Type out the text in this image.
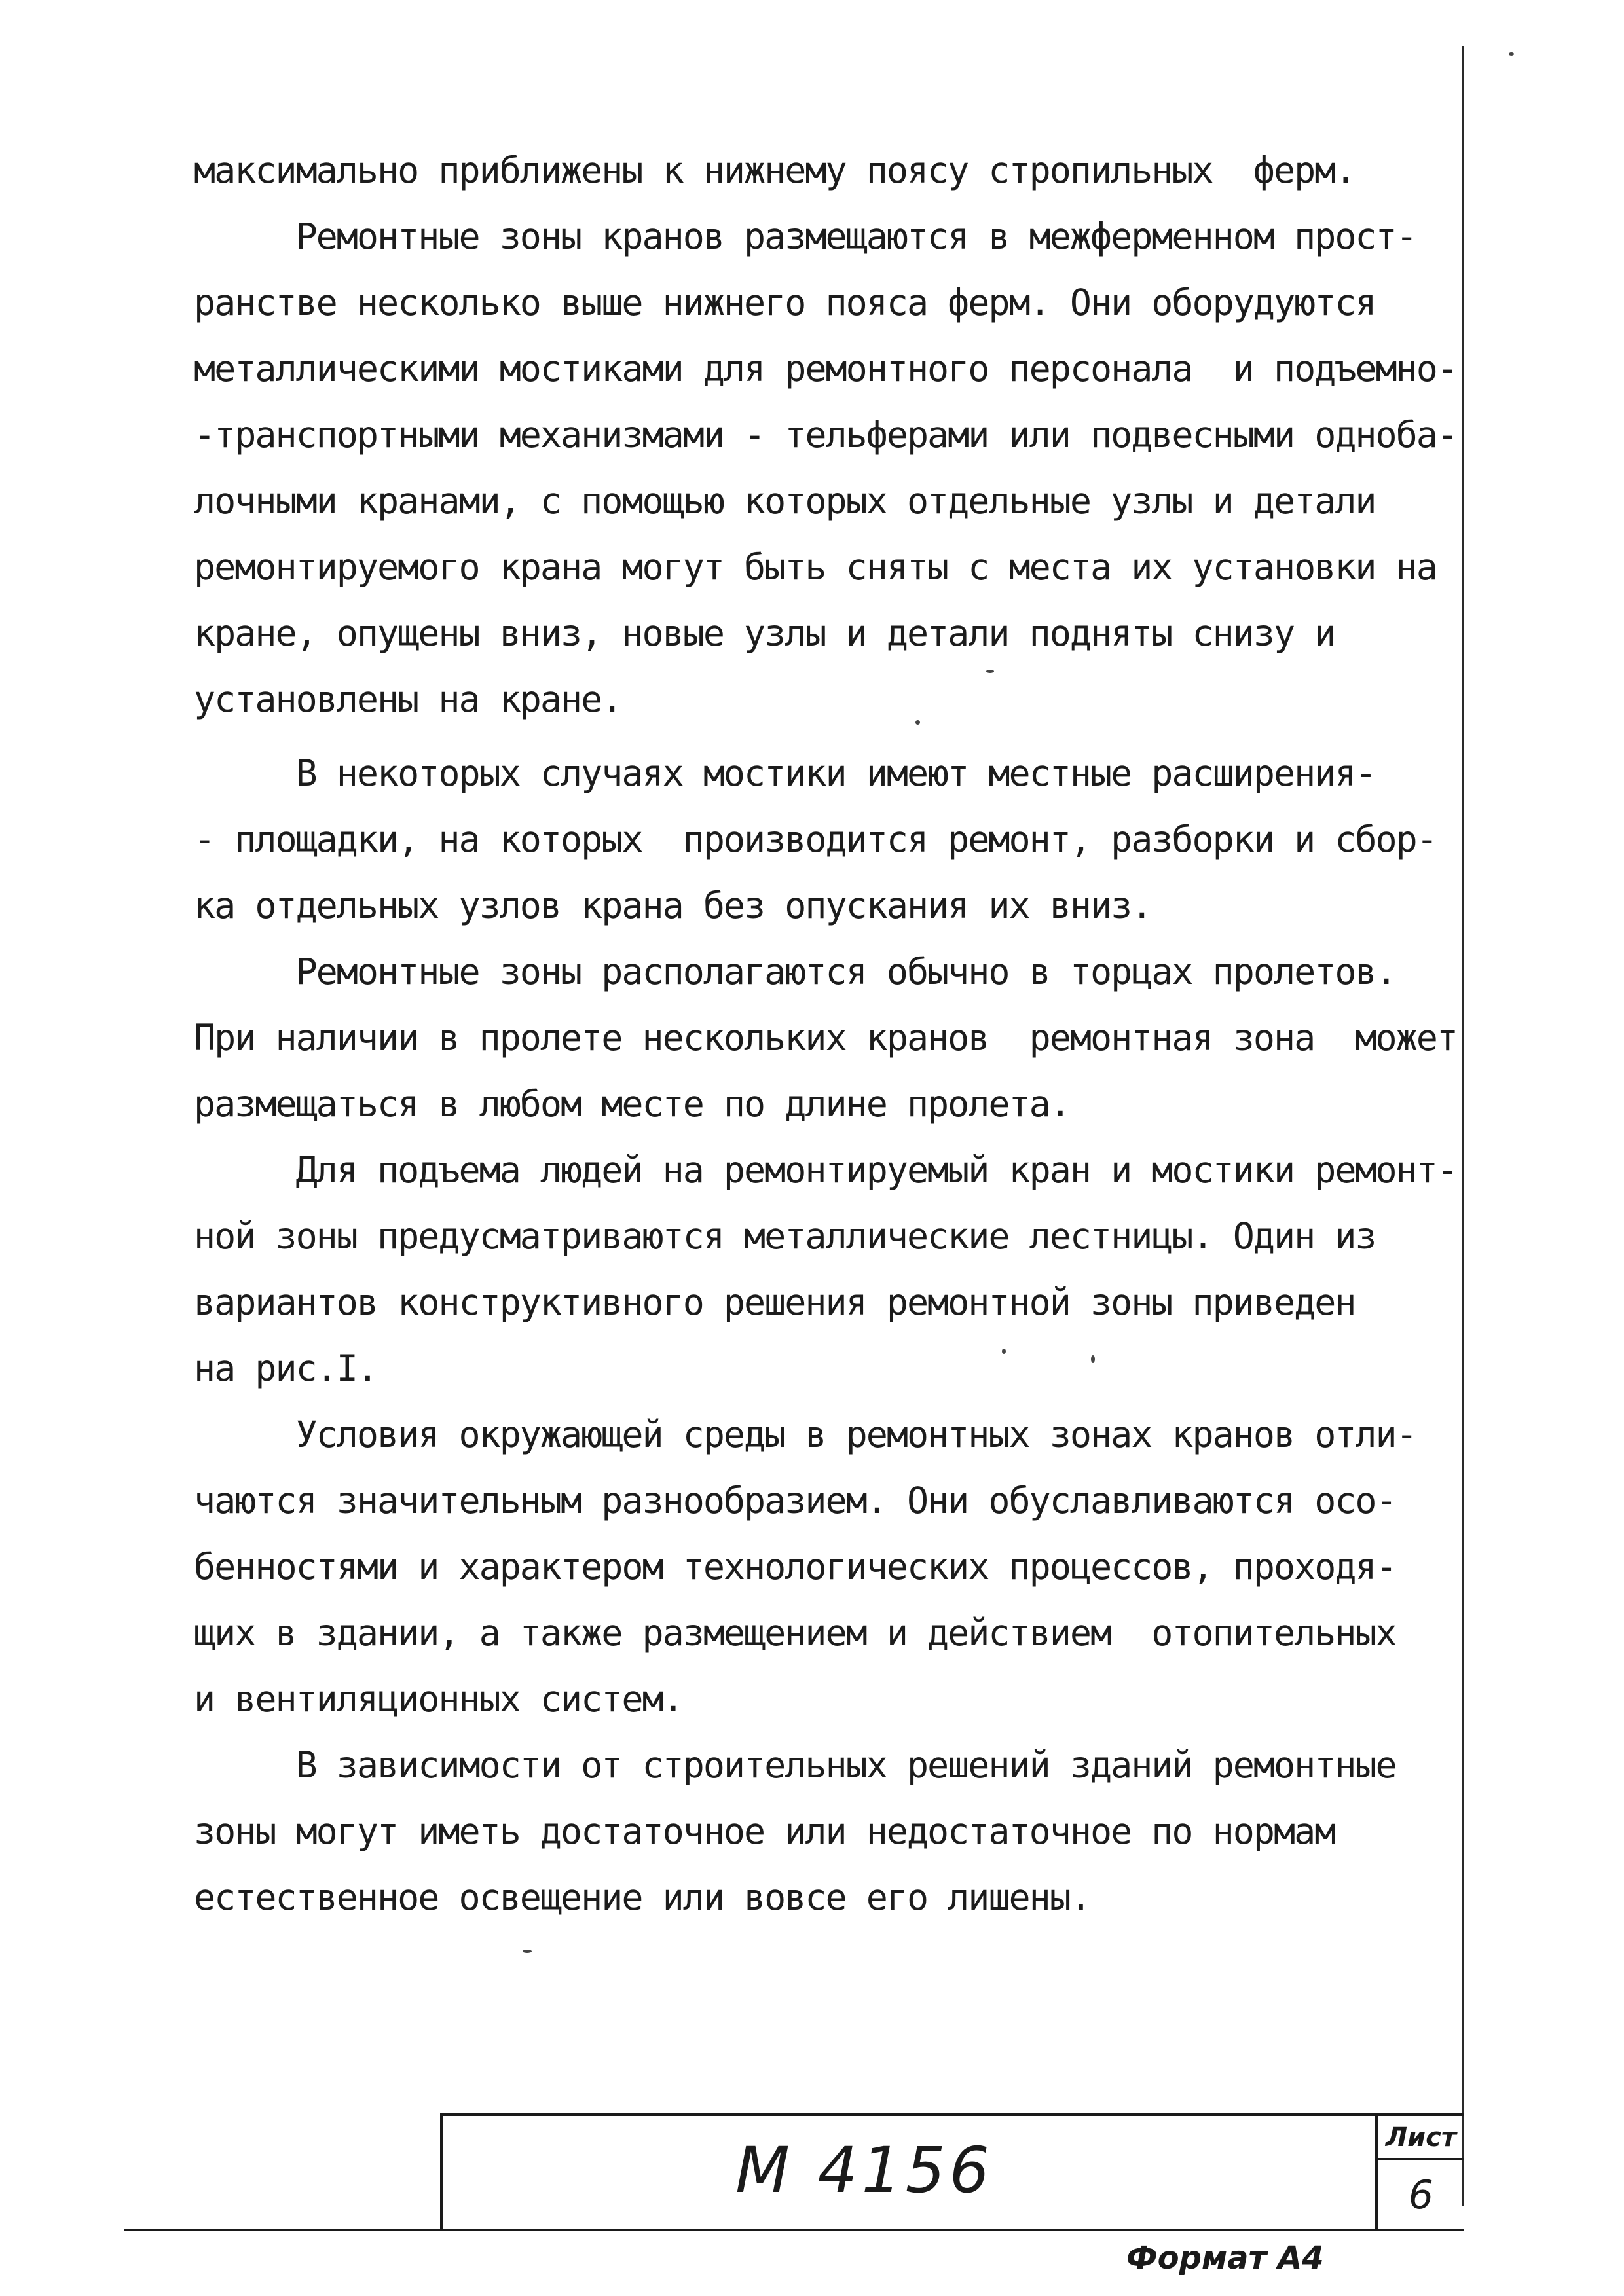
максимально приближены к нижнему поясу стропильных  ферм.
Ремонтные зоны кранов размещаются в межферменном прост-
ранстве несколько выше нижнего пояса ферм. Они оборудуются
металлическими мостиками для ремонтного персонала  и подъемно-
-транспортными механизмами - тельферами или подвесными одноба-
лочными кранами, с помощью которых отдельные узлы и детали
ремонтируемого крана могут быть сняты с места их установки на
кране, опущены вниз, новые узлы и детали подняты снизу и
установлены на кране.
В некоторых случаях мостики имеют местные расширения-
- площадки, на которых  производится ремонт, разборки и сбор-
ка отдельных узлов крана без опускания их вниз.
Ремонтные зоны располагаются обычно в торцах пролетов.
При наличии в пролете нескольких кранов  ремонтная зона  может
размещаться в любом месте по длине пролета.
Для подъема людей на ремонтируемый кран и мостики ремонт-
ной зоны предусматриваются металлические лестницы. Один из
вариантов конструктивного решения ремонтной зоны приведен
на рис.I.
Условия окружающей среды в ремонтных зонах кранов отли-
чаются значительным разнообразием. Они обуславливаются осо-
бенностями и характером технологических процессов, проходя-
щих в здании, а также размещением и действием  отопительных
и вентиляционных систем.
В зависимости от строительных решений зданий ремонтные
зоны могут иметь достаточное или недостаточное по нормам
естественное освещение или вовсе его лишены.
М 4156	Лист
6
Формат А4
